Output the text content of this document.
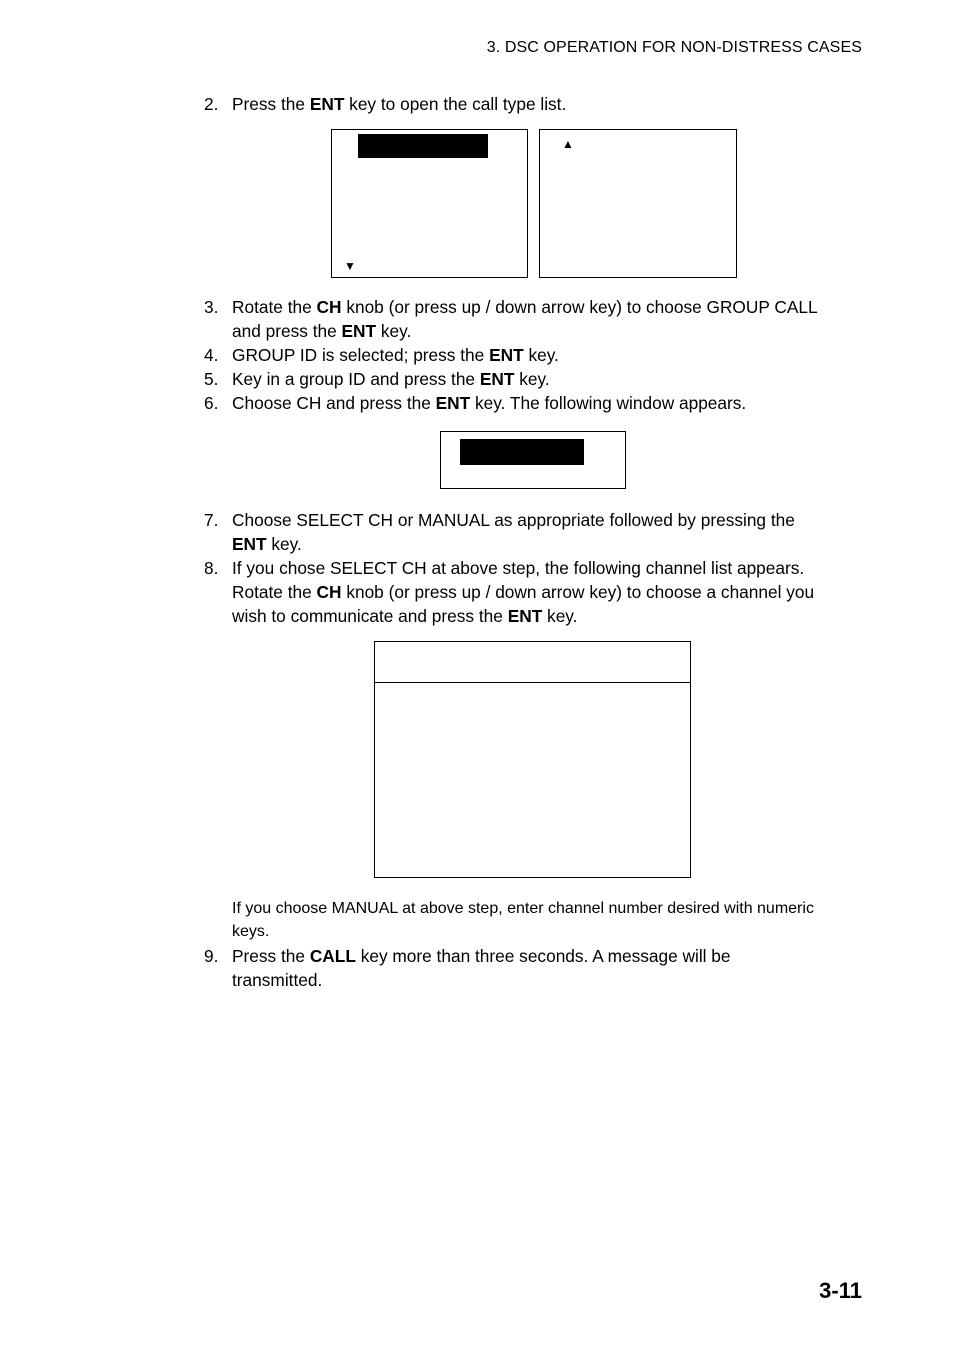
3. DSC OPERATION FOR NON-DISTRESS CASES
2. Press the ENT key to open the call type list.
▼
▲
3. Rotate the CH knob (or press up / down arrow key) to choose GROUP CALL
and press the ENT key.
4. GROUP ID is selected; press the ENT key.
5. Key in a group ID and press the ENT key.
6. Choose CH and press the ENT key. The following window appears.
7. Choose SELECT CH or MANUAL as appropriate followed by pressing the
ENT key.
8. If you chose SELECT CH at above step, the following channel list appears.
Rotate the CH knob (or press up / down arrow key) to choose a channel you
wish to communicate and press the ENT key.
If you choose MANUAL at above step, enter channel number desired with numeric keys.
9. Press the CALL key more than three seconds. A message will be
transmitted.
3-11
